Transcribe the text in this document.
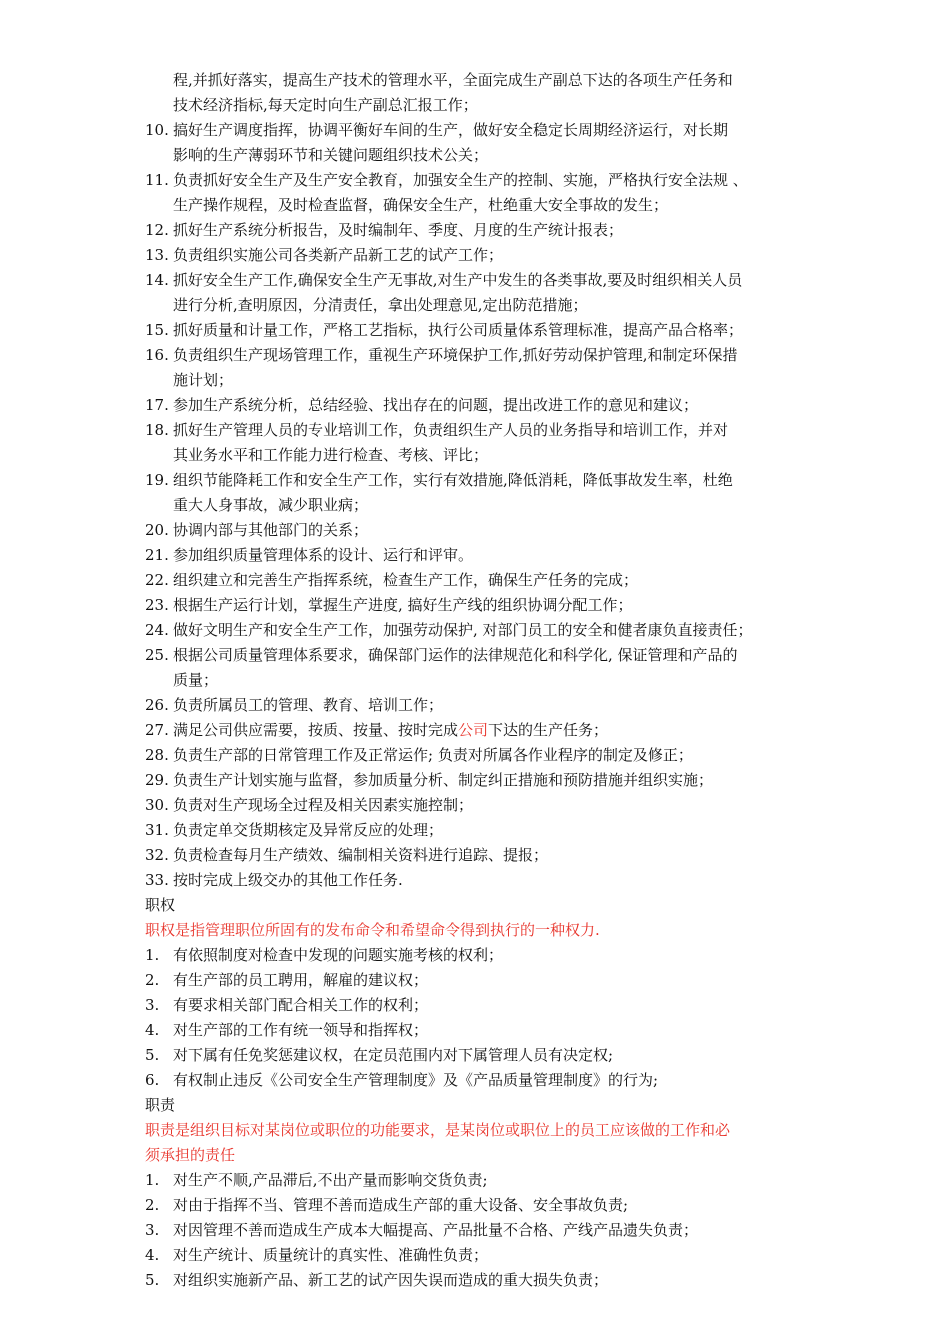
程,并抓好落实，提高生产技术的管理水平，全面完成生产副总下达的各项生产任务和
技术经济指标,每天定时向生产副总汇报工作；
10. 搞好生产调度指挥，协调平衡好车间的生产，做好安全稳定长周期经济运行，对长期
影响的生产薄弱环节和关键问题组织技术公关；
11. 负责抓好安全生产及生产安全教育，加强安全生产的控制、实施，严格执行安全法规 、
生产操作规程，及时检查监督，确保安全生产，杜绝重大安全事故的发生；
12. 抓好生产系统分析报告，及时编制年、季度、月度的生产统计报表；
13. 负责组织实施公司各类新产品新工艺的试产工作；
14. 抓好安全生产工作,确保安全生产无事故,对生产中发生的各类事故,要及时组织相关人员
进行分析,查明原因，分清责任，拿出处理意见,定出防范措施；
15. 抓好质量和计量工作，严格工艺指标，执行公司质量体系管理标准，提高产品合格率；
16. 负责组织生产现场管理工作，重视生产环境保护工作,抓好劳动保护管理,和制定环保措
施计划；
17. 参加生产系统分析，总结经验、找出存在的问题，提出改进工作的意见和建议；
18. 抓好生产管理人员的专业培训工作，负责组织生产人员的业务指导和培训工作，并对
其业务水平和工作能力进行检查、考核、评比；
19. 组织节能降耗工作和安全生产工作，实行有效措施,降低消耗，降低事故发生率，杜绝
重大人身事故，减少职业病；
20. 协调内部与其他部门的关系；
21. 参加组织质量管理体系的设计、运行和评审。
22. 组织建立和完善生产指挥系统，检查生产工作，确保生产任务的完成；
23. 根据生产运行计划，掌握生产进度, 搞好生产线的组织协调分配工作；
24. 做好文明生产和安全生产工作，加强劳动保护, 对部门员工的安全和健者康负直接责任；
25. 根据公司质量管理体系要求，确保部门运作的法律规范化和科学化, 保证管理和产品的
质量；
26. 负责所属员工的管理、教育、培训工作；
27. 满足公司供应需要，按质、按量、按时完成公司下达的生产任务；
28. 负责生产部的日常管理工作及正常运作; 负责对所属各作业程序的制定及修正；
29. 负责生产计划实施与监督，参加质量分析、制定纠正措施和预防措施并组织实施；
30. 负责对生产现场全过程及相关因素实施控制；
31. 负责定单交货期核定及异常反应的处理；
32. 负责检查每月生产绩效、编制相关资料进行追踪、提报；
33. 按时完成上级交办的其他工作任务.
职权
职权是指管理职位所固有的发布命令和希望命令得到执行的一种权力.
1. 有依照制度对检查中发现的问题实施考核的权利；
2. 有生产部的员工聘用，解雇的建议权；
3. 有要求相关部门配合相关工作的权利；
4. 对生产部的工作有统一领导和指挥权；
5. 对下属有任免奖惩建议权，在定员范围内对下属管理人员有决定权;
6. 有权制止违反《公司安全生产管理制度》及《产品质量管理制度》的行为;
职责
职责是组织目标对某岗位或职位的功能要求，是某岗位或职位上的员工应该做的工作和必
须承担的责任
1. 对生产不顺,产品滞后,不出产量而影响交货负责;
2. 对由于指挥不当、管理不善而造成生产部的重大设备、安全事故负责;
3. 对因管理不善而造成生产成本大幅提高、产品批量不合格、产线产品遗失负责；
4. 对生产统计、质量统计的真实性、准确性负责；
5. 对组织实施新产品、新工艺的试产因失误而造成的重大损失负责；
